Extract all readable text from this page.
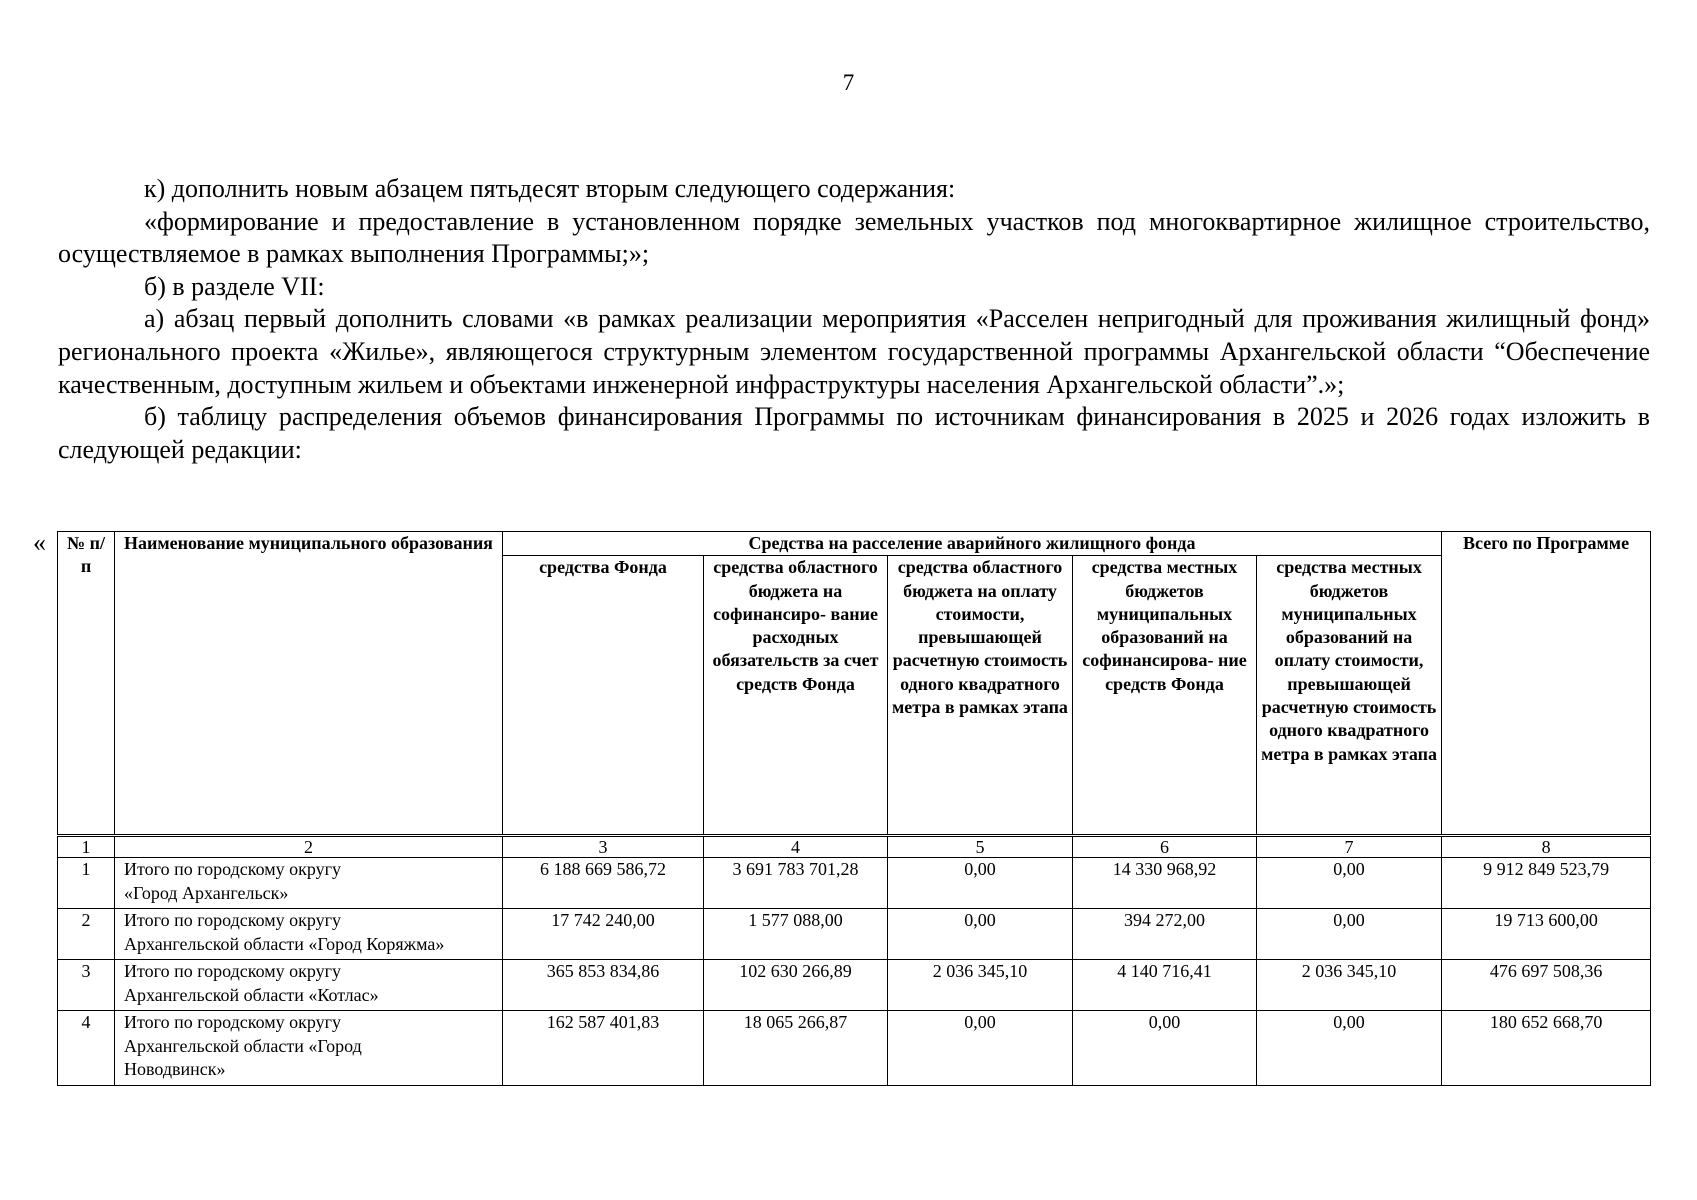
7

к) дополнить новым абзацем пятьдесят вторым следующего содержания:

«формирование и предоставление в установленном порядке земельных участков под многоквартирное жилищное строительство, осуществляемое в рамках выполнения Программы;»;

б) в разделе VII:

а) абзац первый дополнить словами «в рамках реализации мероприятия «Расселен непригодный для проживания жилищный фонд» регионального проекта «Жилье», являющегося структурным элементом государственной программы Архангельской области “Обеспечение качественным, доступным жильем и объектами инженерной инфраструктуры населения Архангельской области”.»;

б) таблицу распределения объемов финансирования Программы по источникам финансирования в 2025 и 2026 годах изложить в следующей редакции:

« № п/п	Наименование муниципального образования	Средства на расселение аварийного жилищного фонда					Всего по Программе
		средства Фонда	средства областного бюджета на софинансиро- вание расходных обязательств за счет средств Фонда	средства областного бюджета на оплату стоимости, превышающей расчетную стоимость одного квадратного метра в рамках этапа	средства местных бюджетов муниципальных образований на софинансирова- ние средств Фонда	средства местных бюджетов муниципальных образований на оплату стоимости, превышающей расчетную стоимость одного квадратного метра в рамках этапа	
1	2	3	4	5	6	7	8
1	Итого по городскому округу
«Город Архангельск»	6 188 669 586,72	3 691 783 701,28	0,00	14 330 968,92	0,00	9 912 849 523,79
2	Итого по городскому округу
Архангельской области «Город Коряжма»	17 742 240,00	1 577 088,00	0,00	394 272,00	0,00	19 713 600,00
3	Итого по городскому округу
Архангельской области «Котлас»	365 853 834,86	102 630 266,89	2 036 345,10	4 140 716,41	2 036 345,10	476 697 508,36
4	Итого по городскому округу
Архангельской области «Город
Новодвинск»	162 587 401,83	18 065 266,87	0,00	0,00	0,00	180 652 668,70
